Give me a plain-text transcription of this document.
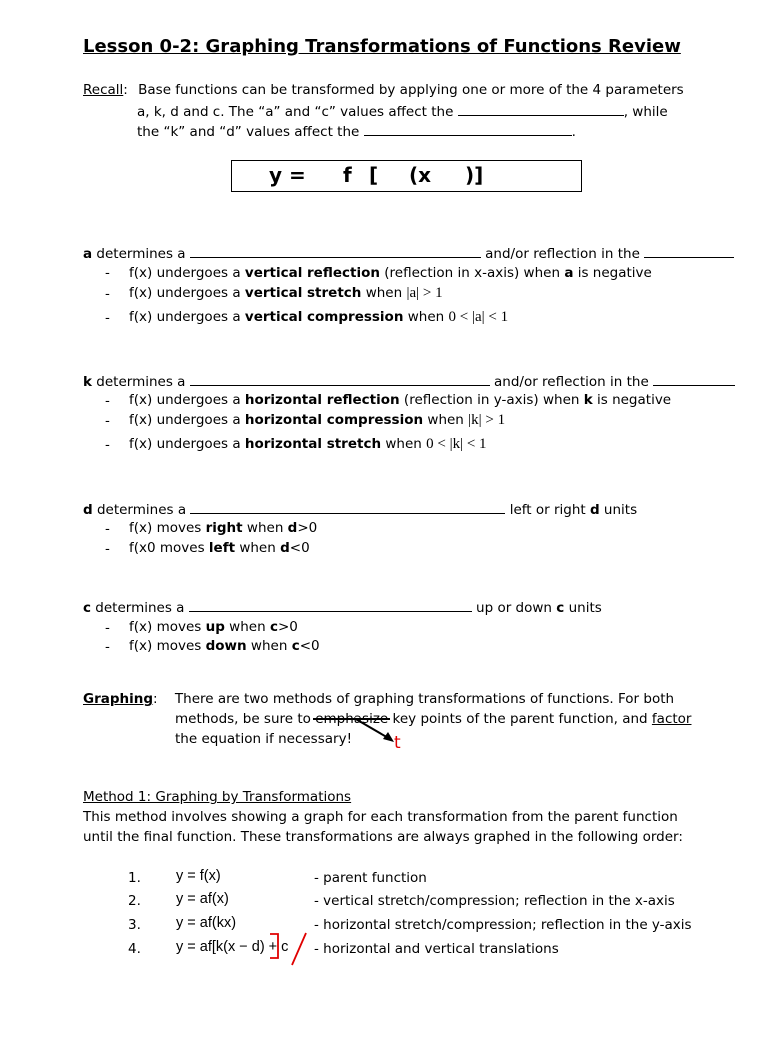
Lesson 0-2: Graphing Transformations of Functions Review
Recall: Base functions can be transformed by applying one or more of the 4 parameters
a, k, d and c. The “a” and “c” values affect the	, while
the “k” and “d” values affect the	.
y = f [ (x )]
a determines a	and/or reflection in the
- f(x) undergoes a vertical reflection (reflection in x-axis) when a is negative
- f(x) undergoes a vertical stretch when |a| > 1
- f(x) undergoes a vertical compression when 0 < |a| < 1
k determines a	and/or reflection in the
- f(x) undergoes a horizontal reflection (reflection in y-axis) when k is negative
- f(x) undergoes a horizontal compression when |k| > 1
- f(x) undergoes a horizontal stretch when 0 < |k| < 1
d determines a	left or right d units
- f(x) moves right when d>0
- f(x0 moves left when d<0
c determines a	up or down c units
- f(x) moves up when c>0
- f(x) moves down when c<0
Graphing: There are two methods of graphing transformations of functions. For both
methods, be sure to emphasize
key points of the parent function, and factor
the equation if necessary! t
Method 1: Graphing by Transformations
This method involves showing a graph for each transformation from the parent function
until the final function. These transformations are always graphed in the following order:
1. y = f(x)	- parent function
2. y = af(x)	- vertical stretch/compression; reflection in the x-axis
3. y = af(kx)	- horizontal stretch/compression; reflection in the y-axis
4. y = af[k(x − d) + c - horizontal and vertical translations
